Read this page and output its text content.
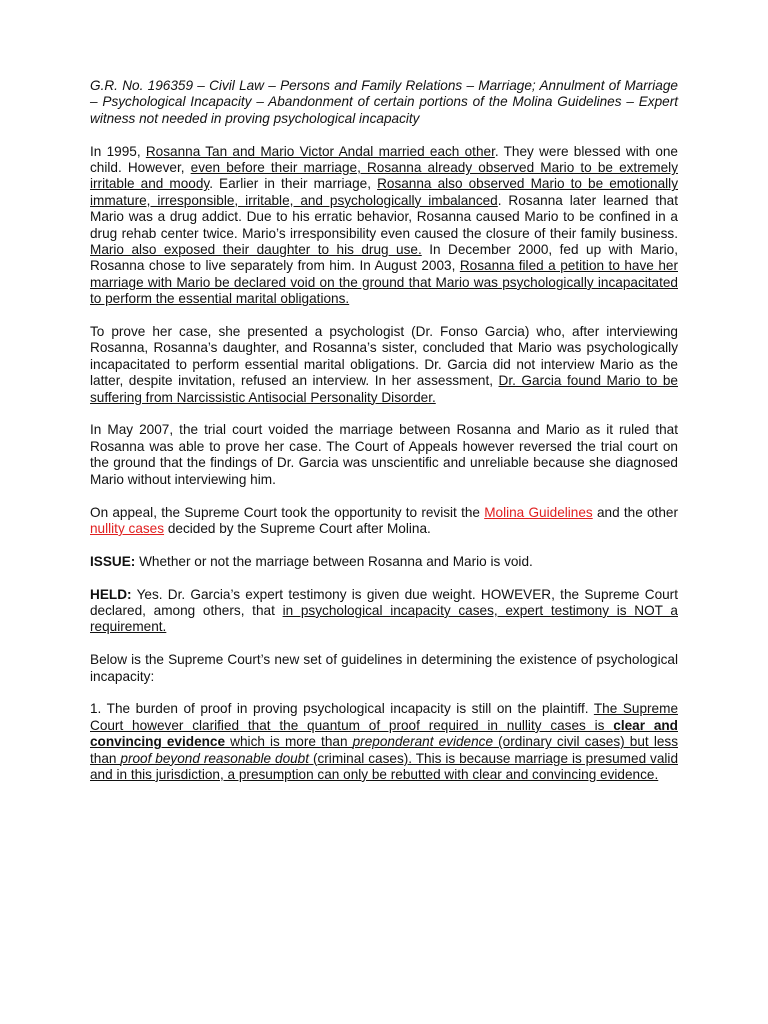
G.R. No. 196359 – Civil Law – Persons and Family Relations – Marriage; Annulment of Marriage – Psychological Incapacity – Abandonment of certain portions of the Molina Guidelines – Expert witness not needed in proving psychological incapacity

In 1995, Rosanna Tan and Mario Victor Andal married each other. They were blessed with one child. However, even before their marriage, Rosanna already observed Mario to be extremely irritable and moody. Earlier in their marriage, Rosanna also observed Mario to be emotionally immature, irresponsible, irritable, and psychologically imbalanced. Rosanna later learned that Mario was a drug addict. Due to his erratic behavior, Rosanna caused Mario to be confined in a drug rehab center twice. Mario’s irresponsibility even caused the closure of their family business. Mario also exposed their daughter to his drug use. In December 2000, fed up with Mario, Rosanna chose to live separately from him. In August 2003, Rosanna filed a petition to have her marriage with Mario be declared void on the ground that Mario was psychologically incapacitated to perform the essential marital obligations.

To prove her case, she presented a psychologist (Dr. Fonso Garcia) who, after interviewing Rosanna, Rosanna’s daughter, and Rosanna’s sister, concluded that Mario was psychologically incapacitated to perform essential marital obligations. Dr. Garcia did not interview Mario as the latter, despite invitation, refused an interview. In her assessment, Dr. Garcia found Mario to be suffering from Narcissistic Antisocial Personality Disorder.

In May 2007, the trial court voided the marriage between Rosanna and Mario as it ruled that Rosanna was able to prove her case. The Court of Appeals however reversed the trial court on the ground that the findings of Dr. Garcia was unscientific and unreliable because she diagnosed Mario without interviewing him.

On appeal, the Supreme Court took the opportunity to revisit the Molina Guidelines and the other nullity cases decided by the Supreme Court after Molina.

ISSUE: Whether or not the marriage between Rosanna and Mario is void.

HELD: Yes. Dr. Garcia’s expert testimony is given due weight. HOWEVER, the Supreme Court declared, among others, that in psychological incapacity cases, expert testimony is NOT a requirement.

Below is the Supreme Court’s new set of guidelines in determining the existence of psychological incapacity:

1. The burden of proof in proving psychological incapacity is still on the plaintiff. The Supreme Court however clarified that the quantum of proof required in nullity cases is clear and convincing evidence which is more than preponderant evidence (ordinary civil cases) but less than proof beyond reasonable doubt (criminal cases). This is because marriage is presumed valid and in this jurisdiction, a presumption can only be rebutted with clear and convincing evidence.
